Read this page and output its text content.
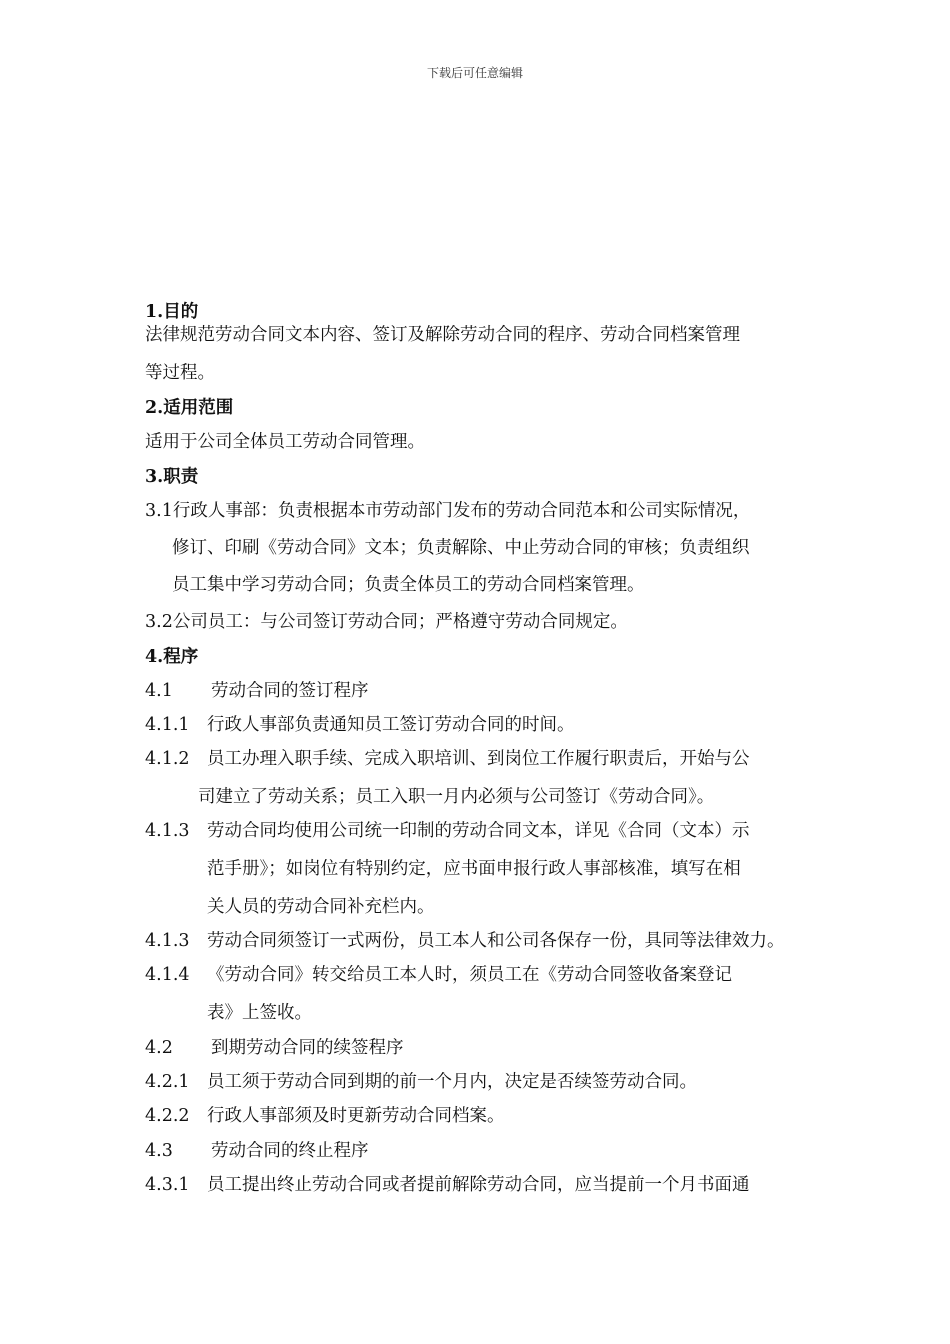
下载后可任意编辑
1.目的
法律规范劳动合同文本内容、签订及解除劳动合同的程序、劳动合同档案管理
等过程。
2.适用范围
适用于公司全体员工劳动合同管理。
3.职责
3.1行政人事部：负责根据本市劳动部门发布的劳动合同范本和公司实际情况，
修订、印刷《劳动合同》文本；负责解除、中止劳动合同的审核；负责组织
员工集中学习劳动合同；负责全体员工的劳动合同档案管理。
3.2公司员工：与公司签订劳动合同；严格遵守劳动合同规定。
4.程序
4.1 劳动合同的签订程序
4.1.1 行政人事部负责通知员工签订劳动合同的时间。
4.1.2 员工办理入职手续、完成入职培训、到岗位工作履行职责后，开始与公
司建立了劳动关系；员工入职一月内必须与公司签订《劳动合同》。
4.1.3 劳动合同均使用公司统一印制的劳动合同文本，详见《合同（文本）示
范手册》；如岗位有特别约定，应书面申报行政人事部核准，填写在相
关人员的劳动合同补充栏内。
4.1.3 劳动合同须签订一式两份，员工本人和公司各保存一份，具同等法律效力。
4.1.4 《劳动合同》转交给员工本人时，须员工在《劳动合同签收备案登记
表》上签收。
4.2 到期劳动合同的续签程序
4.2.1 员工须于劳动合同到期的前一个月内，决定是否续签劳动合同。
4.2.2 行政人事部须及时更新劳动合同档案。
4.3 劳动合同的终止程序
4.3.1 员工提出终止劳动合同或者提前解除劳动合同，应当提前一个月书面通
